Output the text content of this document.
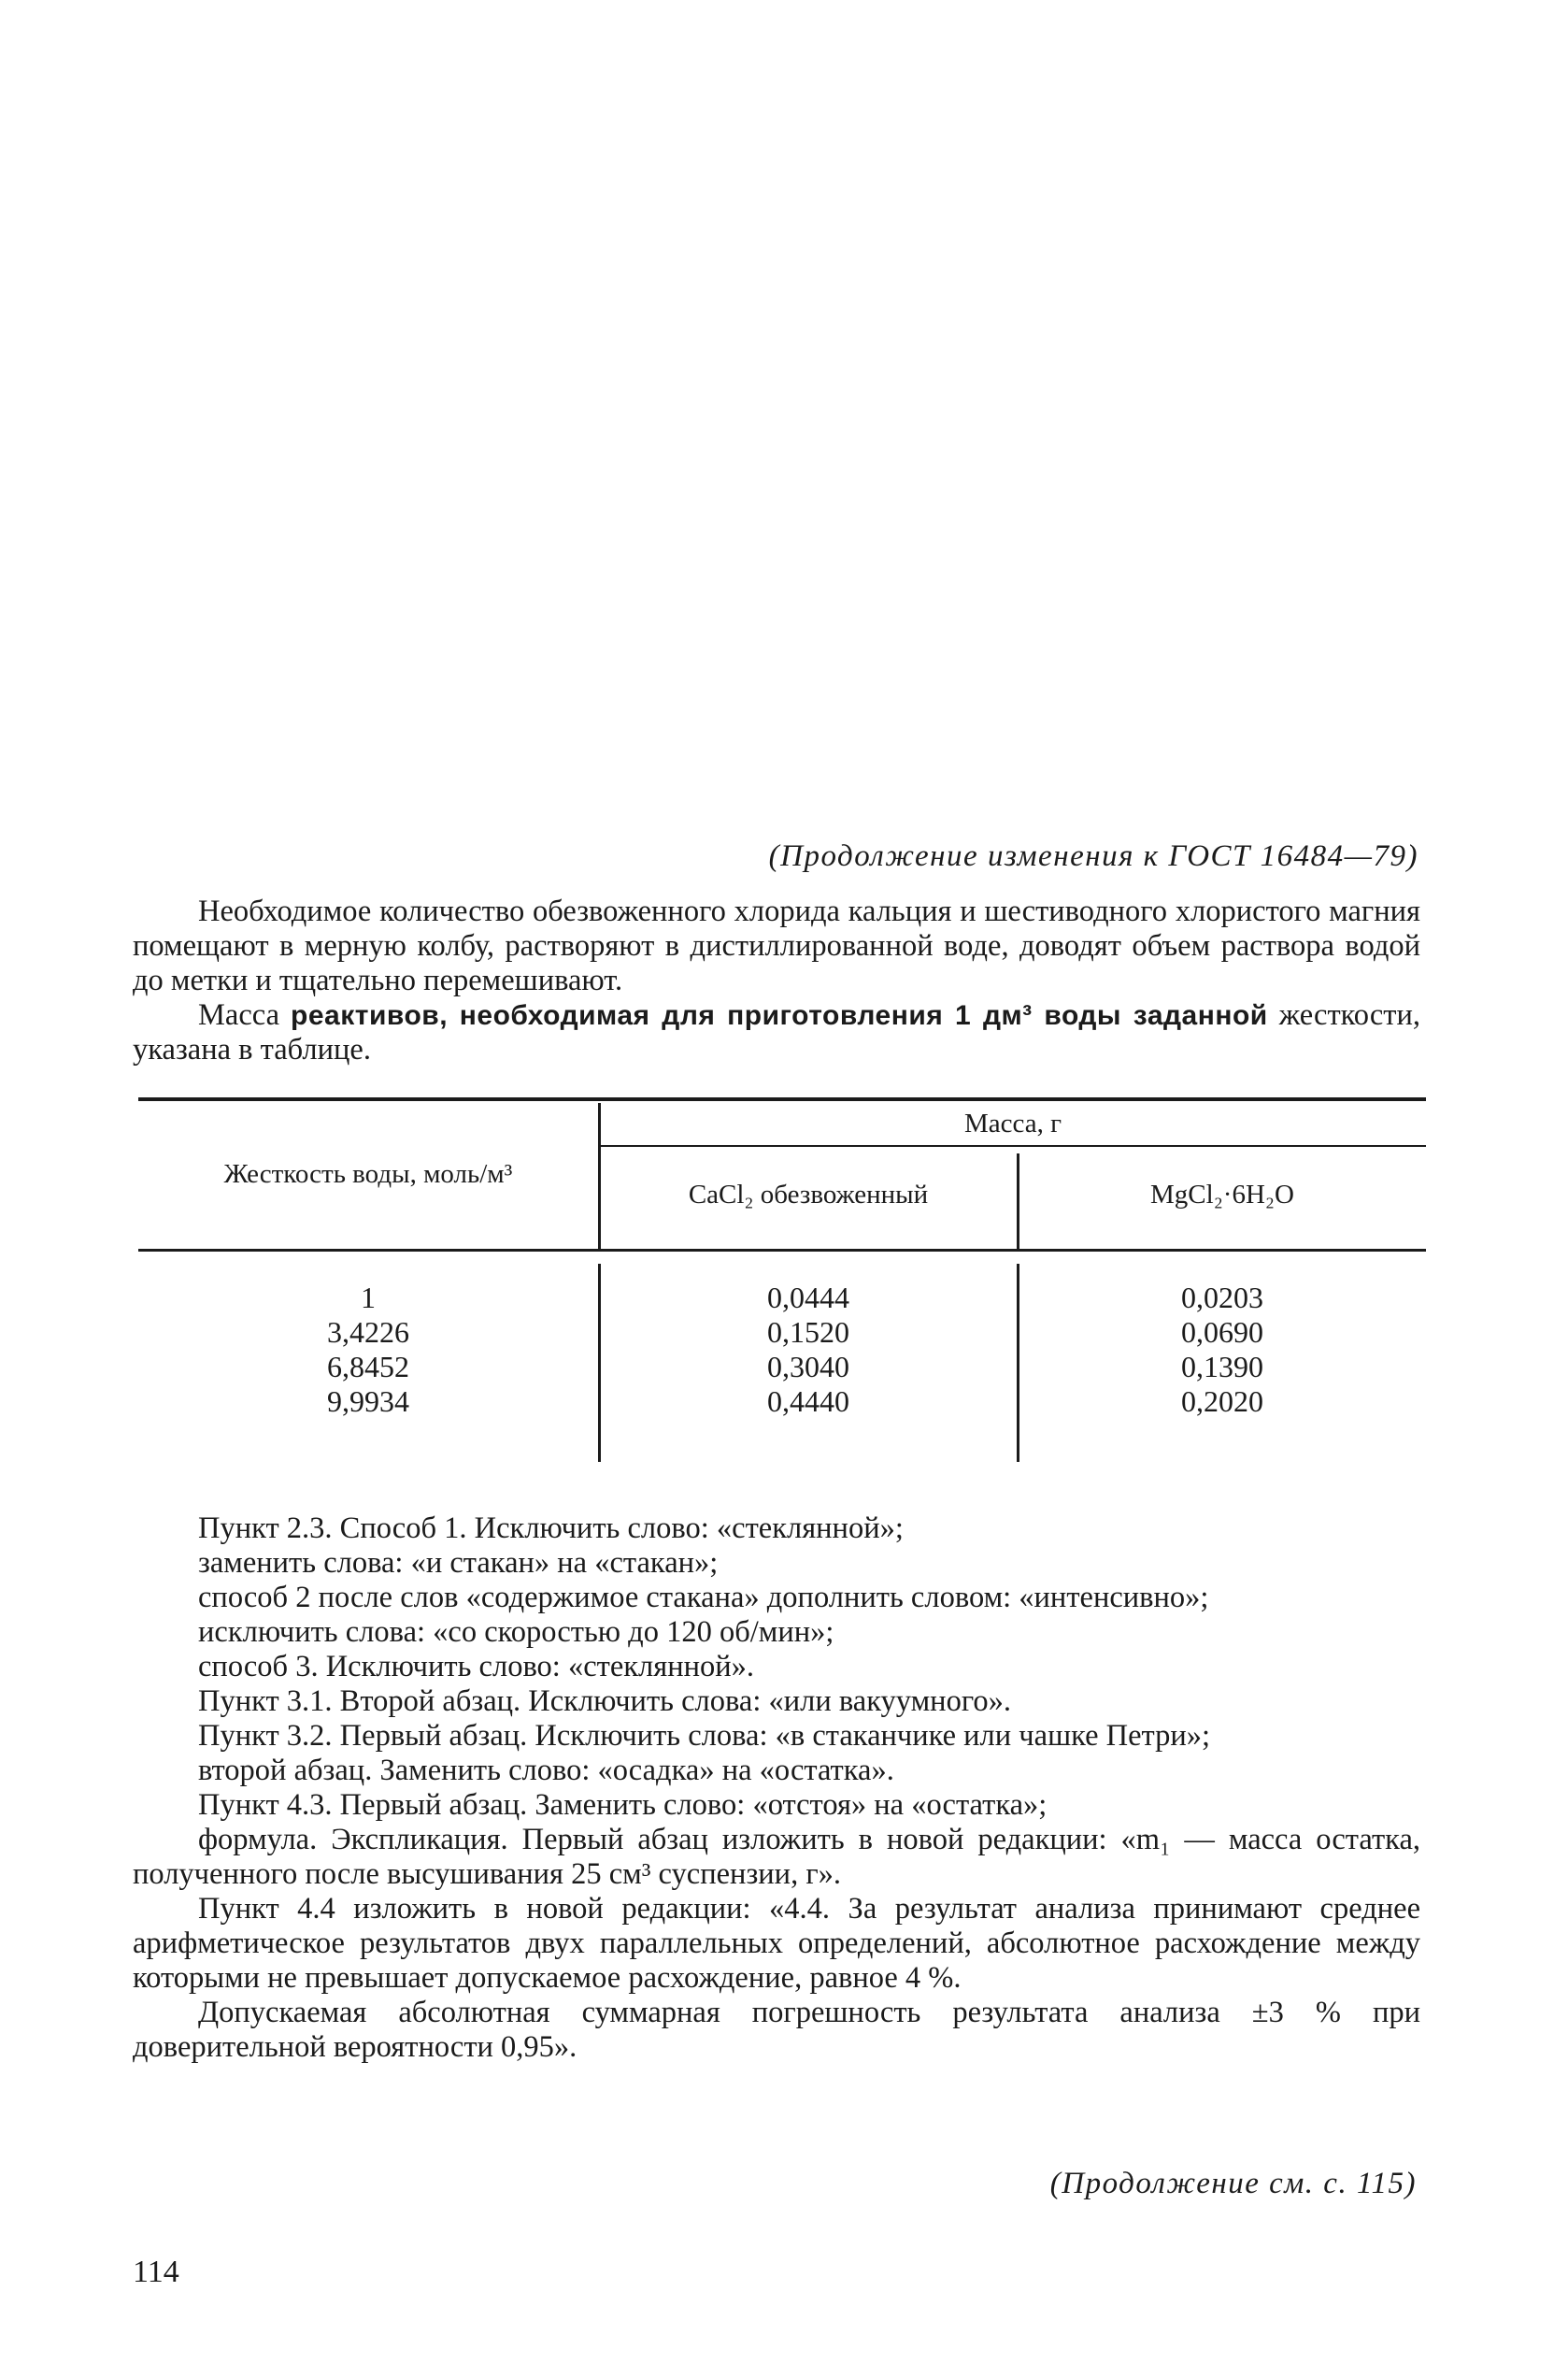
(Продолжение изменения к ГОСТ 16484—79)

Необходимое количество обезвоженного хлорида кальция и шестиводного хлористого магния помещают в мерную колбу, растворяют в дистиллированной воде, доводят объем раствора водой до метки и тщательно перемешивают.

Масса реактивов, необходимая для приготовления 1 дм³ воды заданной жесткости, указана в таблице.

Жесткость воды, моль/м³
Масса, г
CaCl₂ обезвоженный	MgCl₂·6H₂O
1
3,4226
6,8452
9,9934
0,0444
0,1520
0,3040
0,4440
0,0203
0,0690
0,1390
0,2020

Пункт 2.3. Способ 1. Исключить слово: «стеклянной»;

заменить слова: «и стакан» на «стакан»;

способ 2 после слов «содержимое стакана» дополнить словом: «интенсивно»;

исключить слова: «со скоростью до 120 об/мин»;

способ 3. Исключить слово: «стеклянной».

Пункт 3.1. Второй абзац. Исключить слова: «или вакуумного».

Пункт 3.2. Первый абзац. Исключить слова: «в стаканчике или чашке Петри»;

второй абзац. Заменить слово: «осадка» на «остатка».

Пункт 4.3. Первый абзац. Заменить слово: «отстоя» на «остатка»;

формула. Экспликация. Первый абзац изложить в новой редакции: «m₁ — масса остатка, полученного после высушивания 25 см³ суспензии, г».

Пункт 4.4 изложить в новой редакции: «4.4. За результат анализа принимают среднее арифметическое результатов двух параллельных определений, абсолютное расхождение между которыми не превышает допускаемое расхождение, равное 4 %.

Допускаемая абсолютная суммарная погрешность результата анализа ±3 % при доверительной вероятности 0,95».

(Продолжение см. с. 115)
114
